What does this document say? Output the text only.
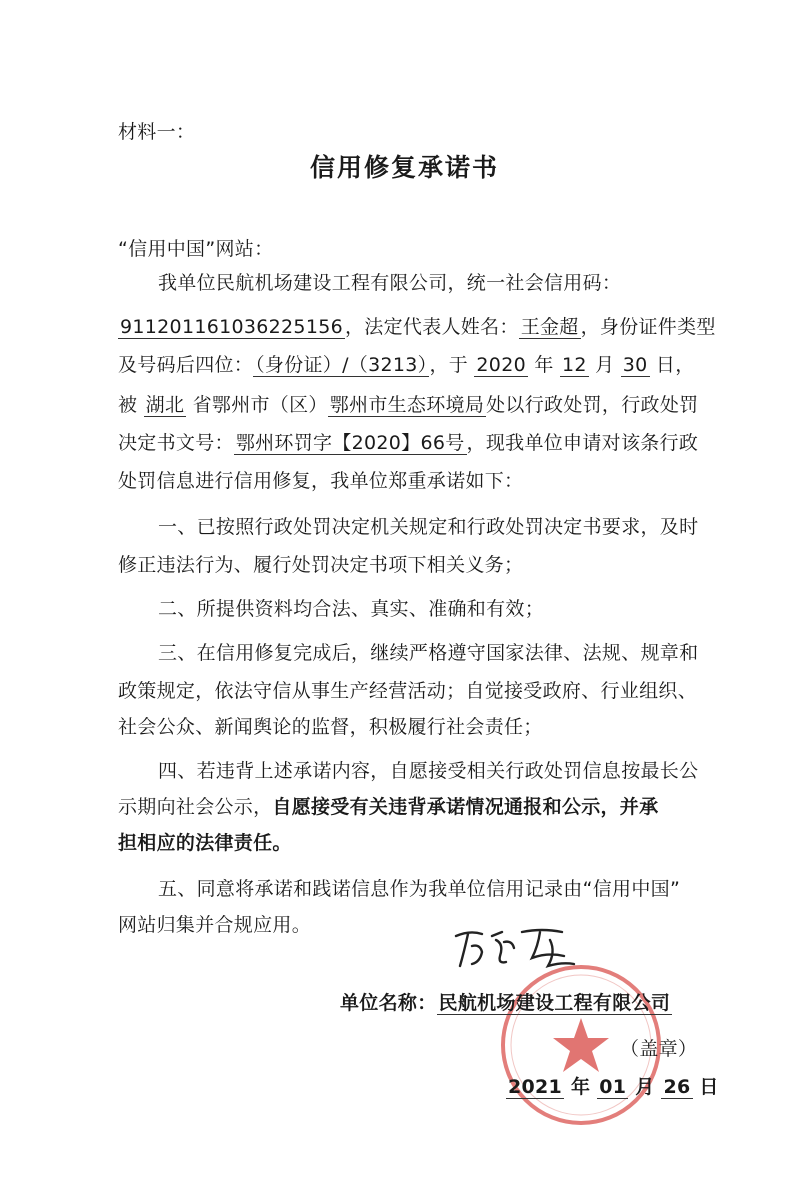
材料一：
信用修复承诺书
“信用中国”网站：
我单位民航机场建设工程有限公司，统一社会信用码：
911201161036225156 ，法定代表人姓名： 王金超 ，身份证件类型
及号码后四位： （身份证）/（3213） ，于 2020 年 12 月 30 日，
被 湖北 省鄂州市（区） 鄂州市生态环境局 处以行政处罚，行政处罚
决定书文号： 鄂州环罚字【2020】66号 ，现我单位申请对该条行政
处罚信息进行信用修复，我单位郑重承诺如下：
一、已按照行政处罚决定机关规定和行政处罚决定书要求，及时
修正违法行为、履行处罚决定书项下相关义务；
二、所提供资料均合法、真实、准确和有效；
三、在信用修复完成后，继续严格遵守国家法律、法规、规章和
政策规定，依法守信从事生产经营活动；自觉接受政府、行业组织、
社会公众、新闻舆论的监督，积极履行社会责任；
四、若违背上述承诺内容，自愿接受相关行政处罚信息按最长公
示期向社会公示，自愿接受有关违背承诺情况通报和公示，并承
担相应的法律责任。
五、同意将承诺和践诺信息作为我单位信用记录由“信用中国”
网站归集并合规应用。
单位名称： 民航机场建设工程有限公司
（盖章）
2021 年 01 月 26 日
